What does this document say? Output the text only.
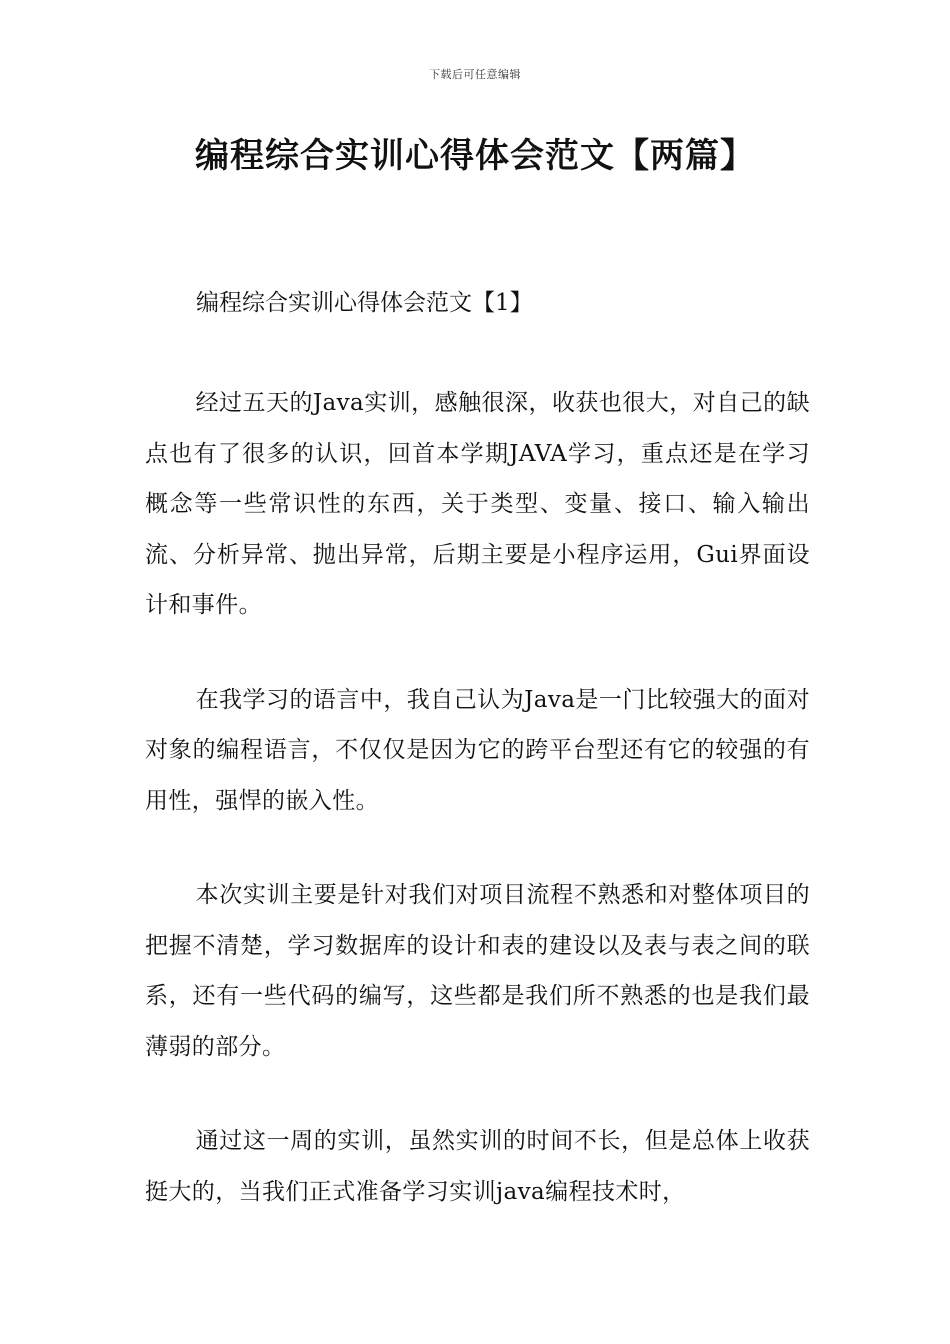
下载后可任意编辑
编程综合实训心得体会范文【两篇】
编程综合实训心得体会范文【1】

经过五天的Java实训，感触很深，收获也很大，对自己的缺点也有了很多的认识，回首本学期JAVA学习，重点还是在学习概念等一些常识性的东西，关于类型、变量、接口、输入输出流、分析异常、抛出异常，后期主要是小程序运用，Gui界面设计和事件。

在我学习的语言中，我自己认为Java是一门比较强大的面对对象的编程语言，不仅仅是因为它的跨平台型还有它的较强的有用性，强悍的嵌入性。

本次实训主要是针对我们对项目流程不熟悉和对整体项目的把握不清楚，学习数据库的设计和表的建设以及表与表之间的联系，还有一些代码的编写，这些都是我们所不熟悉的也是我们最薄弱的部分。

通过这一周的实训，虽然实训的时间不长，但是总体上收获挺大的，当我们正式准备学习实训java编程技术时，
